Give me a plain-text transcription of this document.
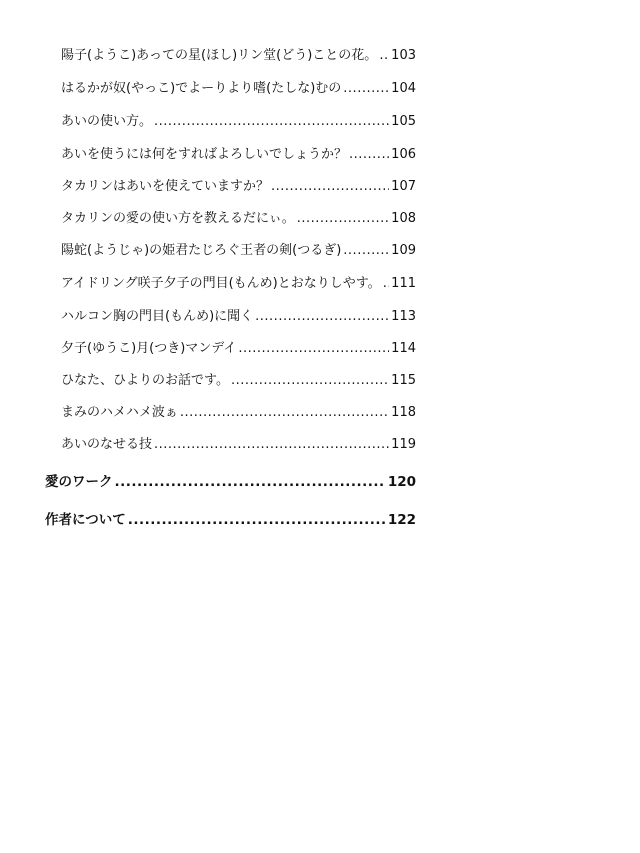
陽子(ようこ)あっての星(ほし)リン堂(どう)ことの花。 ..... 103
はるかが奴(やっこ)でよーりより嗜(たしな)むの .....	104
あいの使い方。 .....	105
あいを使うには何をすればよろしいでしょうか？ .....	106
タカリンはあいを使えていますか？ .....	107
タカリンの愛の使い方を教えるだにぃ。 .....	108
陽蛇(ようじゃ)の姫君たじろぐ王者の剣(つるぎ) .....	109
アイドリング咲子夕子の門目(もんめ)とおなりしやす。 ..... 111
ハルコン胸の門目(もんめ)に聞く .....	113
夕子(ゆうこ)月(つき)マンデイ .....	114
ひなた、ひよりのお話です。 .....	115
まみのハメハメ波ぁ .....	118
あいのなせる技 .....	119
愛のワーク .....	120
作者について .....	122
